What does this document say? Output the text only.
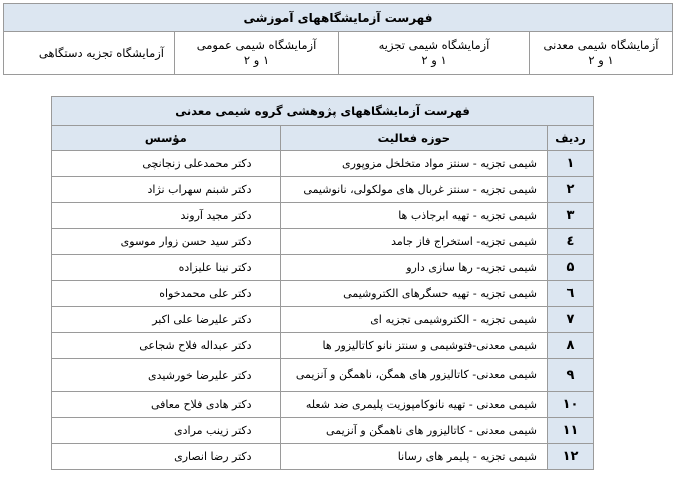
فهرست آزمایشگاههای آموزشی

آزمایشگاه شیمی معدنی
۱ و ۲

آزمایشگاه شیمی تجزیه
۱ و ۲

آزمایشگاه شیمی عمومی
۱ و ۲

آزمایشگاه تجزیه دستگاهی
فهرست آزمایشگاههای پژوهشی گروه شیمی معدنی		
ردیف	حوزه فعالیت	مؤسس
۱	شیمی تجزیه - سنتز مواد متخلخل مزوپوری	دکتر محمدعلی زنجانچی
۲	شیمی تجزیه - سنتز غربال های مولکولی، نانوشیمی	دکتر شبنم سهراب نژاد
۳	شیمی تجزیه - تهیه ابرجاذب ها	دکتر مجید آروند
٤	شیمی تجزیه- استخراج فاز جامد	دکتر سید حسن زوار موسوی
۵	شیمی تجزیه- رها سازی دارو	دکتر نینا علیزاده
٦	شیمی تجزیه - تهیه حسگرهای الکتروشیمی	دکتر علی محمدخواه
۷	شیمی تجزیه - الکتروشیمی تجزیه ای	دکتر علیرضا علی اکبر
۸	شیمی معدنی-فتوشیمی و سنتز نانو کاتالیزور ها	دکتر عبداله فلاح شجاعی
۹	شیمی معدنی- کاتالیزور های همگن، ناهمگن و آنزیمی	دکتر علیرضا خورشیدی
۱۰	شیمی معدنی - تهیه نانوکامپوزیت پلیمری ضد شعله	دکتر هادی فلاح معافی
۱۱	شیمی معدنی - کاتالیزور های ناهمگن و آنزیمی	دکتر زینب مرادی
۱۲	شیمی تجزیه - پلیمر های رسانا	دکتر رضا انصاری
